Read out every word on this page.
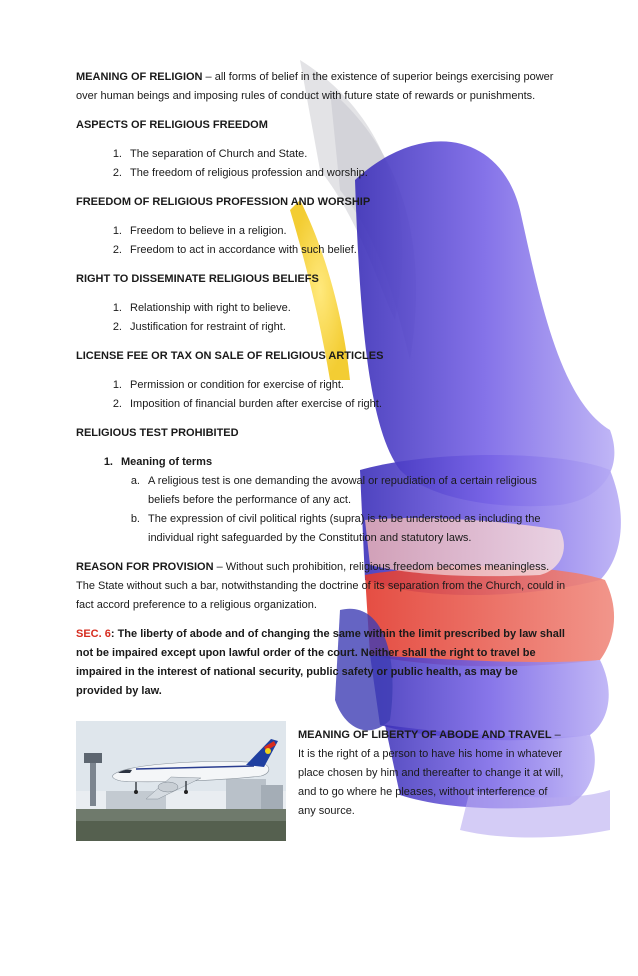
MEANING OF RELIGION – all forms of belief in the existence of superior beings exercising power over human beings and imposing rules of conduct with future state of rewards or punishments.

ASPECTS OF RELIGIOUS FREEDOM

1. The separation of Church and State.
2. The freedom of religious profession and worship.

FREEDOM OF RELIGIOUS PROFESSION AND WORSHIP

1. Freedom to believe in a religion.
2. Freedom to act in accordance with such belief.

RIGHT TO DISSEMINATE RELIGIOUS BELIEFS

1. Relationship with right to believe.
2. Justification for restraint of right.

LICENSE FEE OR TAX ON SALE OF RELIGIOUS ARTICLES

1. Permission or condition for exercise of right.
2. Imposition of financial burden after exercise of right.

RELIGIOUS TEST PROHIBITED

1. Meaning of terms
a. A religious test is one demanding the avowal or repudiation of a certain religious beliefs before the performance of any act.
b. The expression of civil political rights (supra) is to be understood as including the individual right safeguarded by the Constitution and statutory laws.

REASON FOR PROVISION – Without such prohibition, religious freedom becomes meaningless. The State without such a bar, notwithstanding the doctrine of its separation from the Church, could in fact accord preference to a religious organization.

SEC. 6: The liberty of abode and of changing the same within the limit prescribed by law shall not be impaired except upon lawful order of the court. Neither shall the right to travel be impaired in the interest of national security, public safety or public health, as may be provided by law.

MEANING OF LIBERTY OF ABODE AND TRAVEL – It is the right of a person to have his home in whatever place chosen by him and thereafter to change it at will, and to go where he pleases, without interference of any source.
